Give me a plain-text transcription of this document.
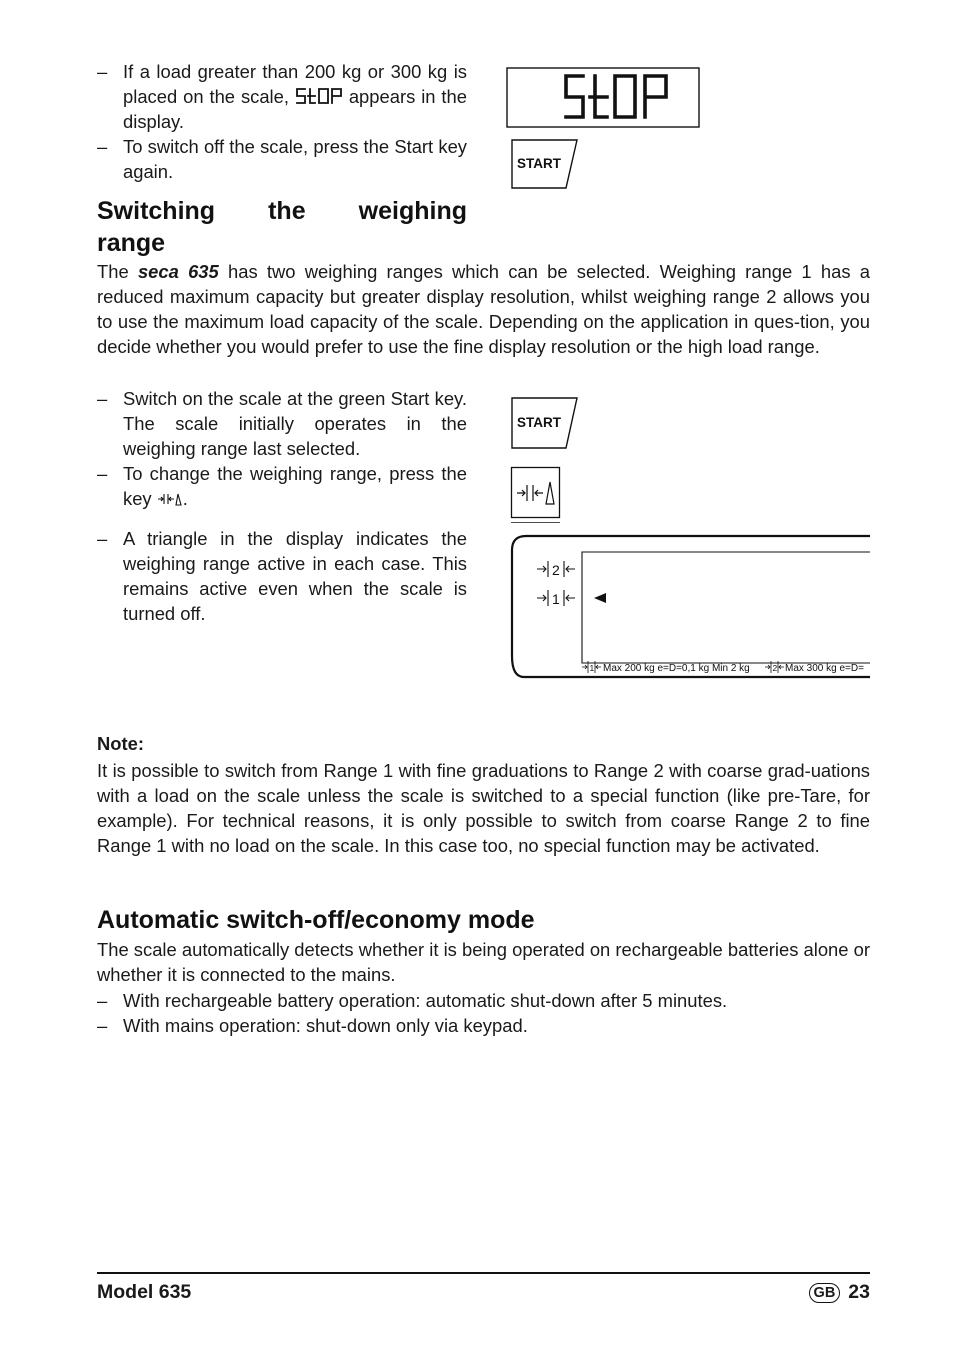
– If a load greater than 200 kg or 300 kg is placed on the scale,	appears in the display.
– To switch off the scale, press the Start key again.	START
Switching the weighing
range
The seca 635 has two weighing ranges which can be selected. Weighing range 1 has a reduced maximum capacity but greater display resolution, whilst weighing range 2 allows you to use the maximum load capacity of the scale. Depending on the application in ques-tion, you decide whether you would prefer to use the fine display resolution or the high load range.
– Switch on the scale at the green Start key. The scale initially operates in the weighing range last selected.
– To change the weighing range, press the key .
– A triangle in the display indicates the weighing range active in each case. This remains active even when the scale is turned off.
START
2
1
1 Max 200 kg e=D=0,1 kg Min 2 kg	2 Max 300 kg e=D=
Note:
It is possible to switch from Range 1 with fine graduations to Range 2 with coarse grad-uations with a load on the scale unless the scale is switched to a special function (like pre-Tare, for example). For technical reasons, it is only possible to switch from coarse Range 2 to fine Range 1 with no load on the scale. In this case too, no special function may be activated.
Automatic switch-off/economy mode
The scale automatically detects whether it is being operated on rechargeable batteries alone or whether it is connected to the mains.
– With rechargeable battery operation: automatic shut-down after 5 minutes.
– With mains operation: shut-down only via keypad.
Model 635	GB 23
